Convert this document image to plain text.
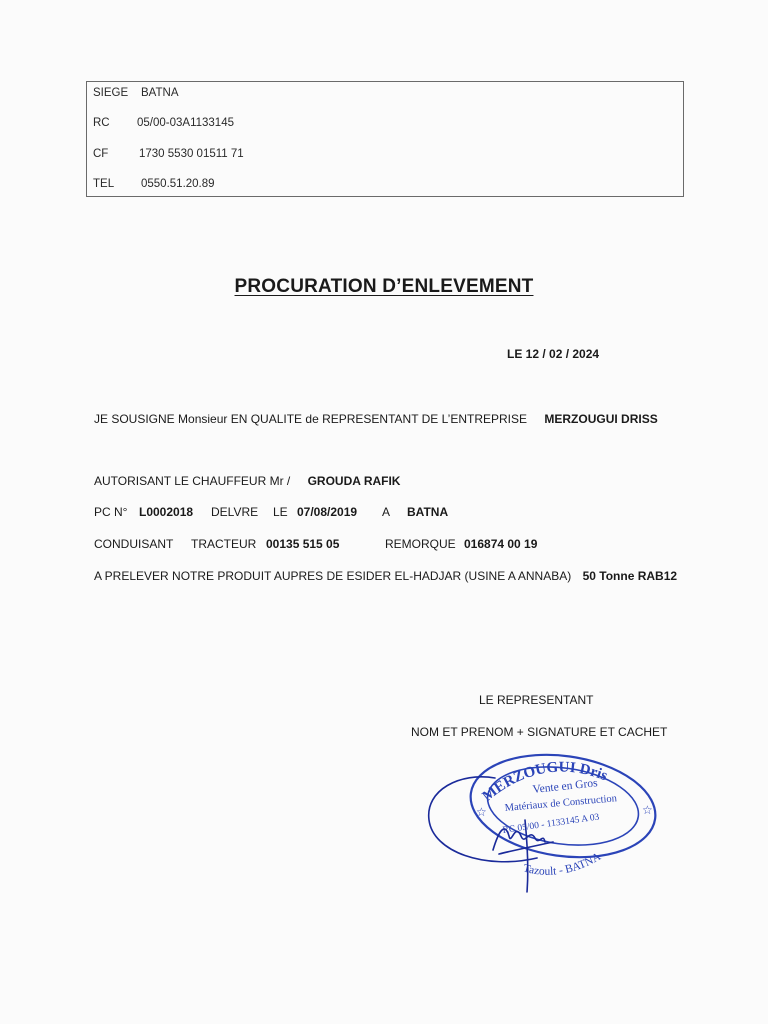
SIEGE BATNA
RC 05/00-03A1133145
CF	1730 5530 01511 71
TEL 0550.51.20.89
PROCURATION D’ENLEVEMENT
LE 12 / 02 / 2024
JE SOUSIGNE Monsieur EN QUALITE de REPRESENTANT DE L’ENTREPRISE MERZOUGUI DRISS
AUTORISANT LE CHAUFFEUR Mr / GROUDA RAFIK
PC N° L0002018 DELVRE LE 07/08/2019 A BATNA
CONDUISANT TRACTEUR 00135 515 05	REMORQUE 016874 00 19
A PRELEVER NOTRE PRODUIT AUPRES DE ESIDER EL-HADJAR (USINE A ANNABA) 50 Tonne RAB12
LE REPRESENTANT
NOM ET PRENOM + SIGNATURE ET CACHET
MERZOUGUI Dris
Vente en Gros
Matériaux de Construction
RC 05/00 - 1133145 A 03
Tazoult - BATNA
☆	☆
